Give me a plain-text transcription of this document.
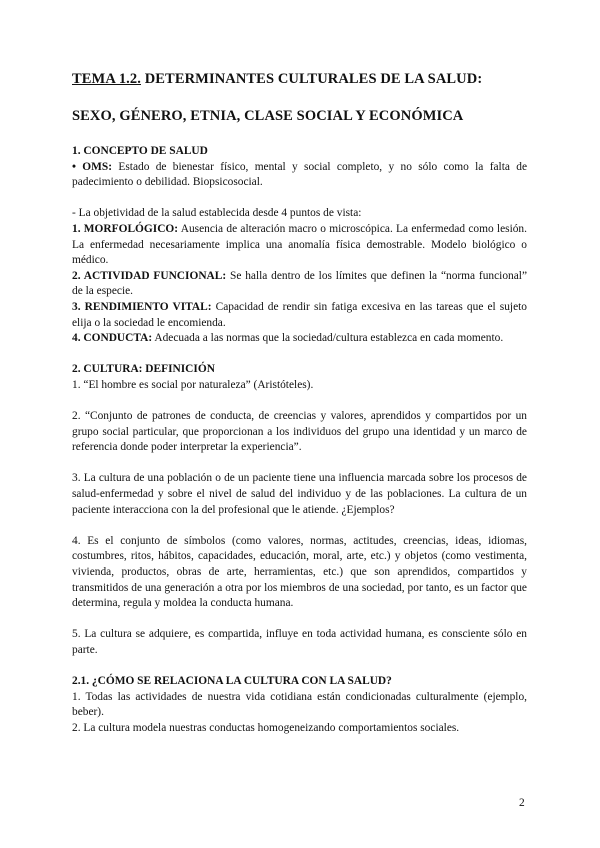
TEMA 1.2. DETERMINANTES CULTURALES DE LA SALUD:
SEXO, GÉNERO, ETNIA, CLASE SOCIAL Y ECONÓMICA

1. CONCEPTO DE SALUD

• OMS: Estado de bienestar físico, mental y social completo, y no sólo como la falta de padecimiento o debilidad. Biopsicosocial.

- La objetividad de la salud establecida desde 4 puntos de vista:

1. MORFOLÓGICO: Ausencia de alteración macro o microscópica. La enfermedad como lesión. La enfermedad necesariamente implica una anomalía física demostrable. Modelo biológico o médico.

2. ACTIVIDAD FUNCIONAL: Se halla dentro de los límites que definen la “norma funcional” de la especie.

3. RENDIMIENTO VITAL: Capacidad de rendir sin fatiga excesiva en las tareas que el sujeto elija o la sociedad le encomienda.

4. CONDUCTA: Adecuada a las normas que la sociedad/cultura establezca en cada momento.

2. CULTURA: DEFINICIÓN

1. “El hombre es social por naturaleza” (Aristóteles).

2. “Conjunto de patrones de conducta, de creencias y valores, aprendidos y compartidos por un grupo social particular, que proporcionan a los individuos del grupo una identidad y un marco de referencia donde poder interpretar la experiencia”.

3. La cultura de una población o de un paciente tiene una influencia marcada sobre los procesos de salud-enfermedad y sobre el nivel de salud del individuo y de las poblaciones. La cultura de un paciente interacciona con la del profesional que le atiende. ¿Ejemplos?

4. Es el conjunto de símbolos (como valores, normas, actitudes, creencias, ideas, idiomas, costumbres, ritos, hábitos, capacidades, educación, moral, arte, etc.) y objetos (como vestimenta, vivienda, productos, obras de arte, herramientas, etc.) que son aprendidos, compartidos y transmitidos de una generación a otra por los miembros de una sociedad, por tanto, es un factor que determina, regula y moldea la conducta humana.

5. La cultura se adquiere, es compartida, influye en toda actividad humana, es consciente sólo en parte.

2.1. ¿CÓMO SE RELACIONA LA CULTURA CON LA SALUD?

1. Todas las actividades de nuestra vida cotidiana están condicionadas culturalmente (ejemplo, beber).

2. La cultura modela nuestras conductas homogeneizando comportamientos sociales.

2
